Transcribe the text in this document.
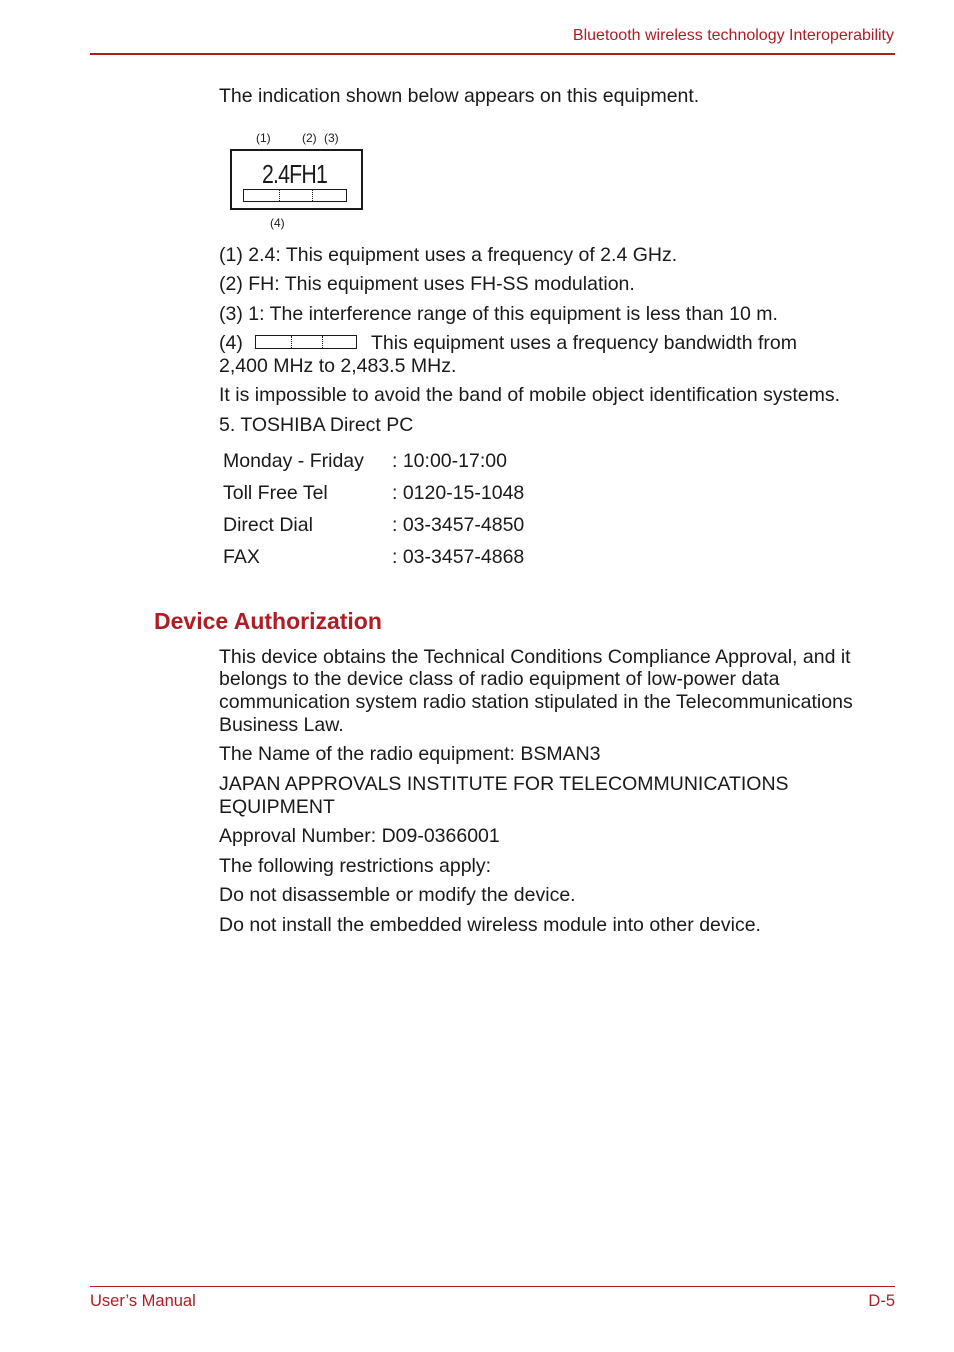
Bluetooth wireless technology Interoperability
The indication shown below appears on this equipment.
(1)	(2) (3)
2.4FH1
(4)
(1) 2.4: This equipment uses a frequency of 2.4 GHz.
(2) FH: This equipment uses FH-SS modulation.
(3) 1: The interference range of this equipment is less than 10 m.
(4)	This equipment uses a frequency bandwidth from
2,400 MHz to 2,483.5 MHz.
It is impossible to avoid the band of mobile object identification systems.
5. TOSHIBA Direct PC
Monday - Friday : 10:00-17:00
Toll Free Tel	: 0120-15-1048
Direct Dial	: 03-3457-4850
FAX	: 03-3457-4868
Device Authorization
This device obtains the Technical Conditions Compliance Approval, and it
belongs to the device class of radio equipment of low-power data
communication system radio station stipulated in the Telecommunications
Business Law.
The Name of the radio equipment: BSMAN3
JAPAN APPROVALS INSTITUTE FOR TELECOMMUNICATIONS
EQUIPMENT
Approval Number: D09-0366001
The following restrictions apply:
Do not disassemble or modify the device.
Do not install the embedded wireless module into other device.
User’s Manual	D-5
